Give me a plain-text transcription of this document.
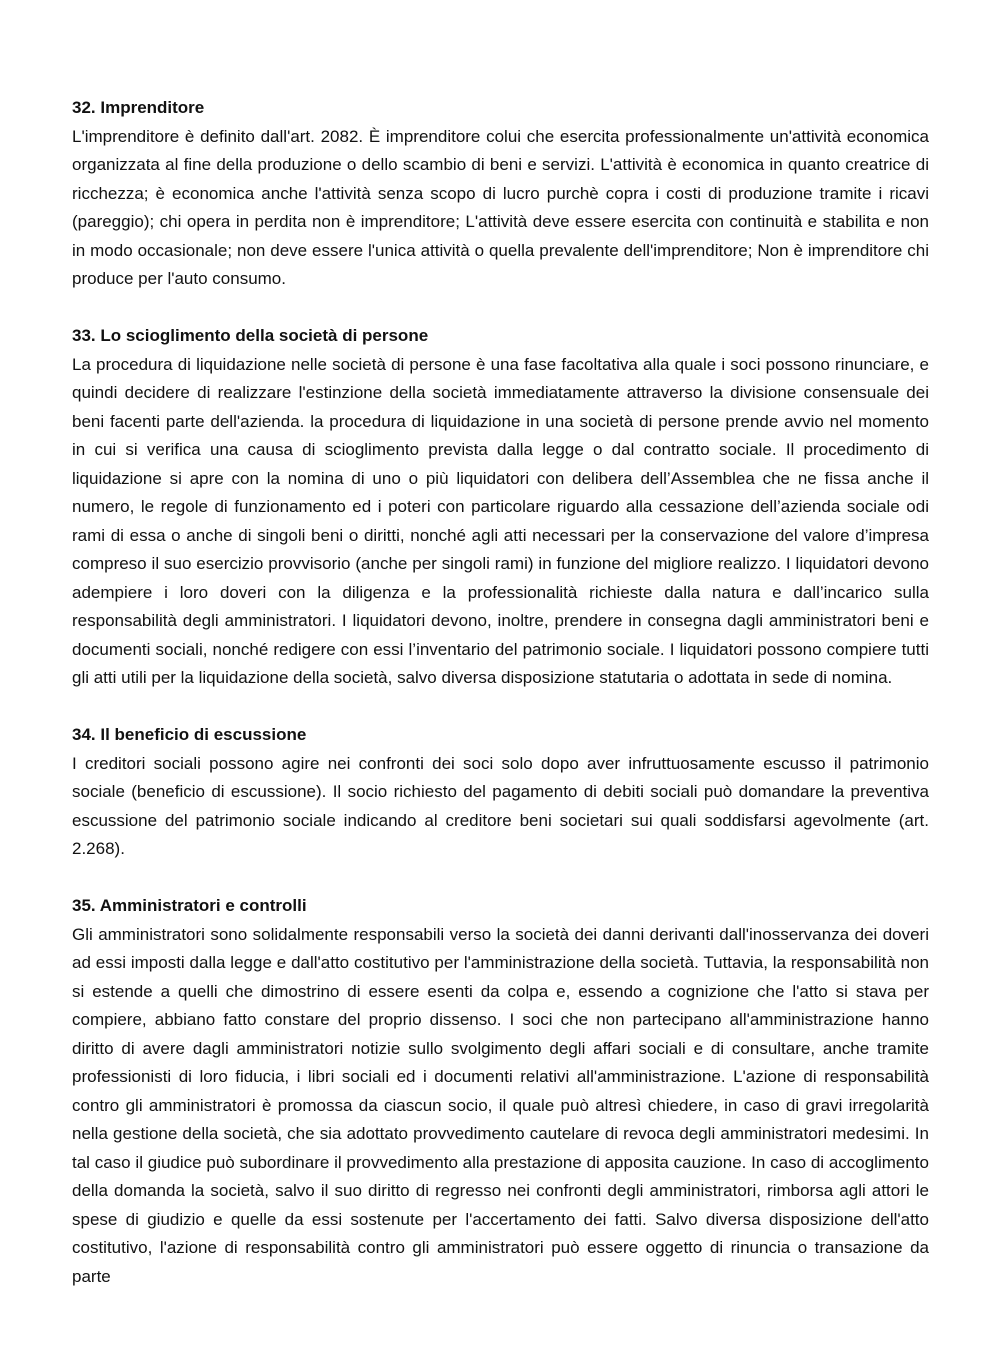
32. Imprenditore

L'imprenditore è definito dall'art. 2082. È imprenditore colui che esercita professionalmente un'attività economica organizzata al fine della produzione o dello scambio di beni e servizi. L'attività è economica in quanto creatrice di ricchezza; è economica anche l'attività senza scopo di lucro purchè copra i costi di produzione tramite i ricavi (pareggio); chi opera in perdita non è imprenditore; L'attività deve essere esercita con continuità e stabilita e non in modo occasionale; non deve essere l'unica attività o quella prevalente dell'imprenditore; Non è imprenditore chi produce per l'auto consumo.

33. Lo scioglimento della società di persone

La procedura di liquidazione nelle società di persone è una fase facoltativa alla quale i soci possono rinunciare, e quindi decidere di realizzare l'estinzione della società immediatamente attraverso la divisione consensuale dei beni facenti parte dell'azienda. la procedura di liquidazione in una società di persone prende avvio nel momento in cui si verifica una causa di scioglimento prevista dalla legge o dal contratto sociale. Il procedimento di liquidazione si apre con la nomina di uno o più liquidatori con delibera dell’Assemblea che ne fissa anche il numero, le regole di funzionamento ed i poteri con particolare riguardo alla cessazione dell’azienda sociale odi rami di essa o anche di singoli beni o diritti, nonché agli atti necessari per la conservazione del valore d’impresa compreso il suo esercizio provvisorio (anche per singoli rami) in funzione del migliore realizzo. I liquidatori devono adempiere i loro doveri con la diligenza e la professionalità richieste dalla natura e dall’incarico sulla responsabilità degli amministratori. I liquidatori devono, inoltre, prendere in consegna dagli amministratori beni e documenti sociali, nonché redigere con essi l’inventario del patrimonio sociale. I liquidatori possono compiere tutti gli atti utili per la liquidazione della società, salvo diversa disposizione statutaria o adottata in sede di nomina.

34. Il beneficio di escussione

I creditori sociali possono agire nei confronti dei soci solo dopo aver infruttuosamente escusso il patrimonio sociale (beneficio di escussione). Il socio richiesto del pagamento di debiti sociali può domandare la preventiva escussione del patrimonio sociale indicando al creditore beni societari sui quali soddisfarsi agevolmente (art. 2.268).

35. Amministratori e controlli

Gli amministratori sono solidalmente responsabili verso la società dei danni derivanti dall'inosservanza dei doveri ad essi imposti dalla legge e dall'atto costitutivo per l'amministrazione della società. Tuttavia, la responsabilità non si estende a quelli che dimostrino di essere esenti da colpa e, essendo a cognizione che l'atto si stava per compiere, abbiano fatto constare del proprio dissenso. I soci che non partecipano all'amministrazione hanno diritto di avere dagli amministratori notizie sullo svolgimento degli affari sociali e di consultare, anche tramite professionisti di loro fiducia, i libri sociali ed i documenti relativi all'amministrazione. L'azione di responsabilità contro gli amministratori è promossa da ciascun socio, il quale può altresì chiedere, in caso di gravi irregolarità nella gestione della società, che sia adottato provvedimento cautelare di revoca degli amministratori medesimi. In tal caso il giudice può subordinare il provvedimento alla prestazione di apposita cauzione. In caso di accoglimento della domanda la società, salvo il suo diritto di regresso nei confronti degli amministratori, rimborsa agli attori le spese di giudizio e quelle da essi sostenute per l'accertamento dei fatti. Salvo diversa disposizione dell'atto costitutivo, l'azione di responsabilità contro gli amministratori può essere oggetto di rinuncia o transazione da parte
